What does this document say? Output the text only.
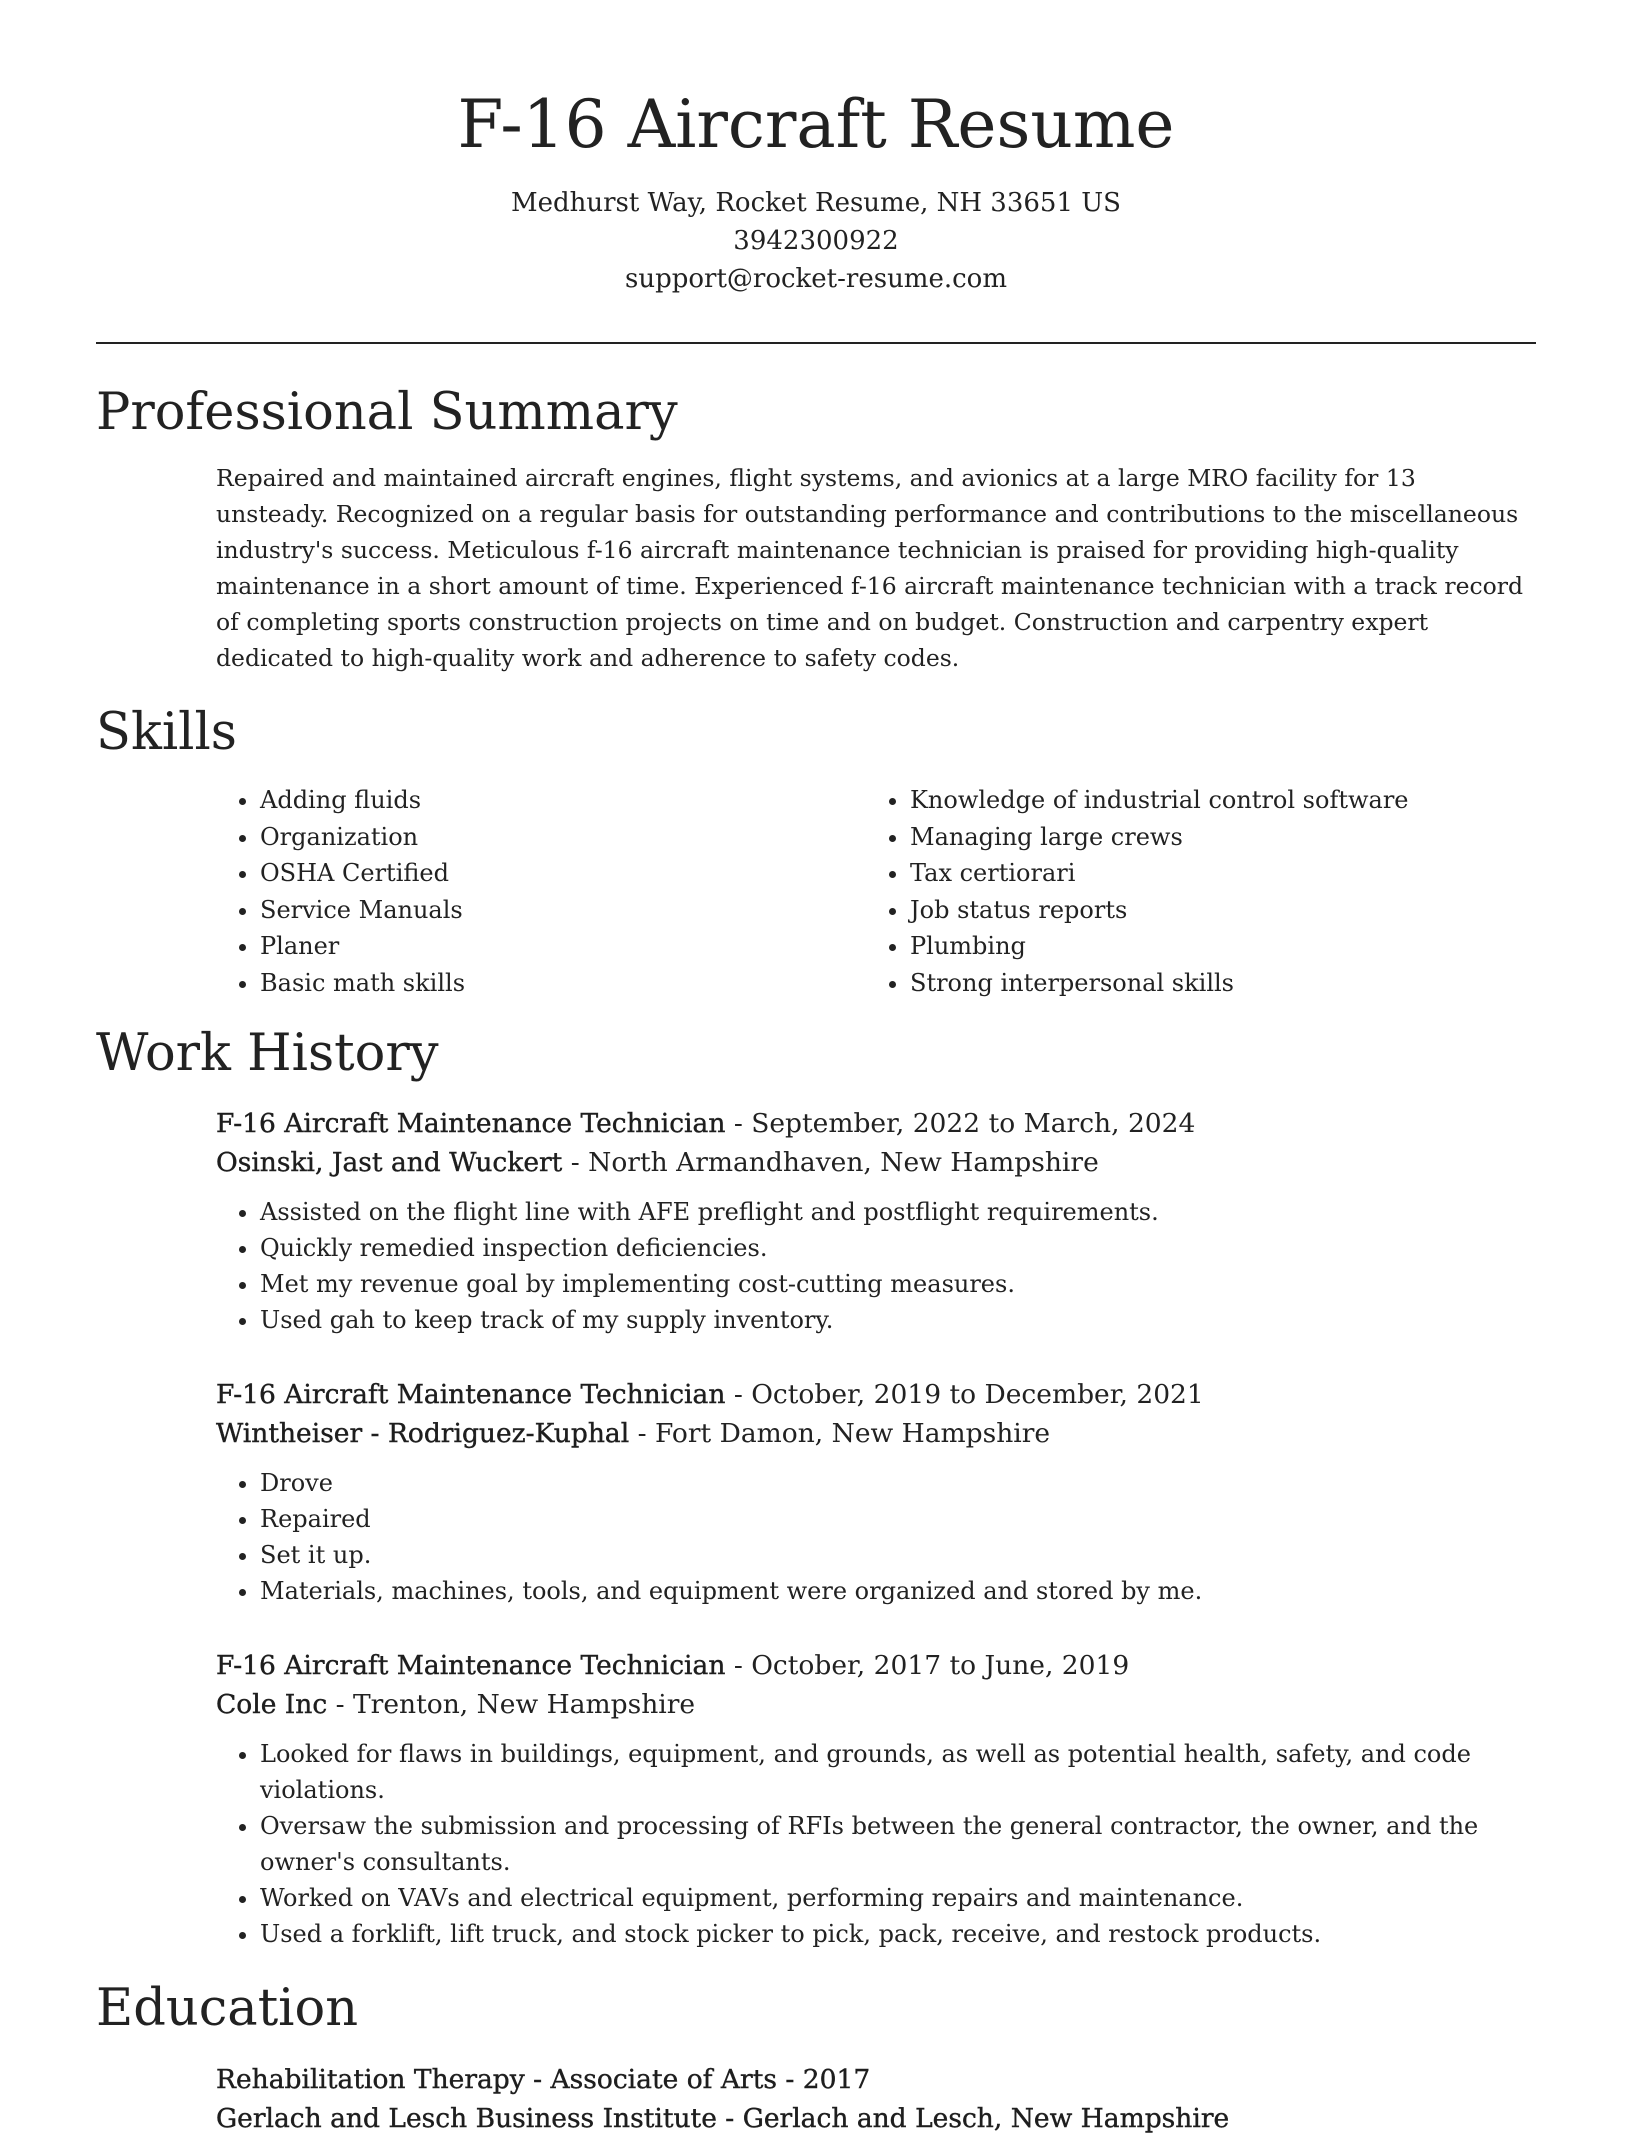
F-16 Aircraft Resume
Medhurst Way, Rocket Resume, NH 33651 US
3942300922
support@rocket-resume.com
Professional Summary

Repaired and maintained aircraft engines, flight systems, and avionics at a large MRO facility for 13 unsteady. Recognized on a regular basis for outstanding performance and contributions to the miscellaneous industry's success. Meticulous f-16 aircraft maintenance technician is praised for providing high-quality maintenance in a short amount of time. Experienced f-16 aircraft maintenance technician with a track record of completing sports construction projects on time and on budget. Construction and carpentry expert dedicated to high-quality work and adherence to safety codes.

Skills
• Adding fluids
• Organization
• OSHA Certified
• Service Manuals
• Planer
• Basic math skills
• Knowledge of industrial control software
• Managing large crews
• Tax certiorari
• Job status reports
• Plumbing
• Strong interpersonal skills
Work History
F-16 Aircraft Maintenance Technician - September, 2022 to March, 2024
Osinski, Jast and Wuckert - North Armandhaven, New Hampshire
• Assisted on the flight line with AFE preflight and postflight requirements.
• Quickly remedied inspection deficiencies.
• Met my revenue goal by implementing cost-cutting measures.
• Used gah to keep track of my supply inventory.
F-16 Aircraft Maintenance Technician - October, 2019 to December, 2021
Wintheiser - Rodriguez-Kuphal - Fort Damon, New Hampshire
• Drove
• Repaired
• Set it up.
• Materials, machines, tools, and equipment were organized and stored by me.
F-16 Aircraft Maintenance Technician - October, 2017 to June, 2019
Cole Inc - Trenton, New Hampshire
• Looked for flaws in buildings, equipment, and grounds, as well as potential health, safety, and code violations.
• Oversaw the submission and processing of RFIs between the general contractor, the owner, and the owner's consultants.
• Worked on VAVs and electrical equipment, performing repairs and maintenance.
• Used a forklift, lift truck, and stock picker to pick, pack, receive, and restock products.
Education
Rehabilitation Therapy - Associate of Arts - 2017
Gerlach and Lesch Business Institute - Gerlach and Lesch, New Hampshire
